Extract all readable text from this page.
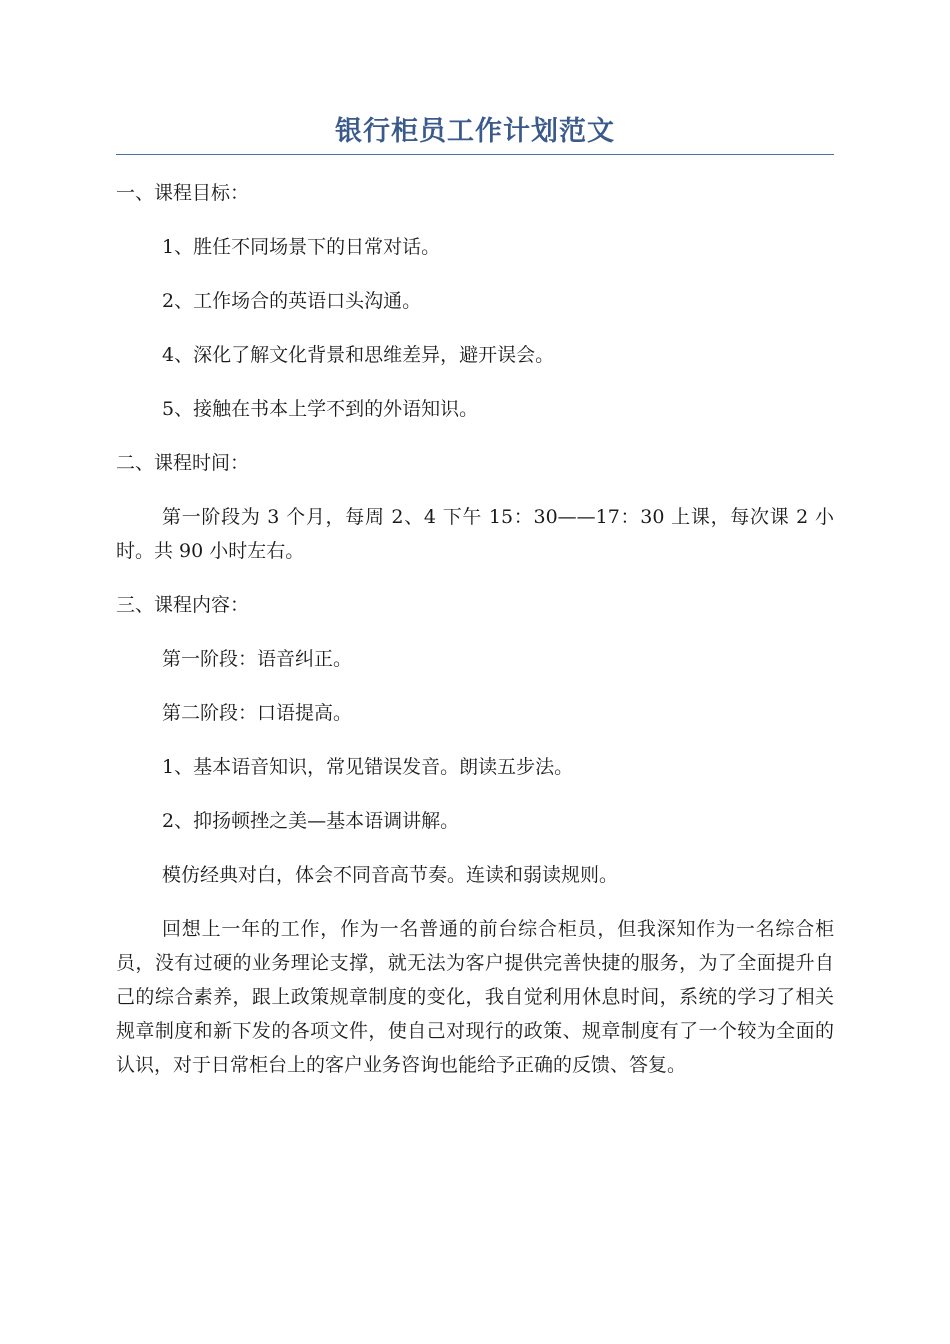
银行柜员工作计划范文

一、课程目标：

1、胜任不同场景下的日常对话。

2、工作场合的英语口头沟通。

4、深化了解文化背景和思维差异，避开误会。

5、接触在书本上学不到的外语知识。

二、课程时间：

第一阶段为 3 个月，每周 2、4 下午 15：30——17：30 上课，每次课 2 小时。共 90 小时左右。

三、课程内容：

第一阶段：语音纠正。

第二阶段：口语提高。

1、基本语音知识，常见错误发音。朗读五步法。

2、抑扬顿挫之美—基本语调讲解。

模仿经典对白，体会不同音高节奏。连读和弱读规则。

回想上一年的工作，作为一名普通的前台综合柜员，但我深知作为一名综合柜员，没有过硬的业务理论支撑，就无法为客户提供完善快捷的服务，为了全面提升自己的综合素养，跟上政策规章制度的变化，我自觉利用休息时间，系统的学习了相关规章制度和新下发的各项文件，使自己对现行的政策、规章制度有了一个较为全面的认识，对于日常柜台上的客户业务咨询也能给予正确的反馈、答复。
